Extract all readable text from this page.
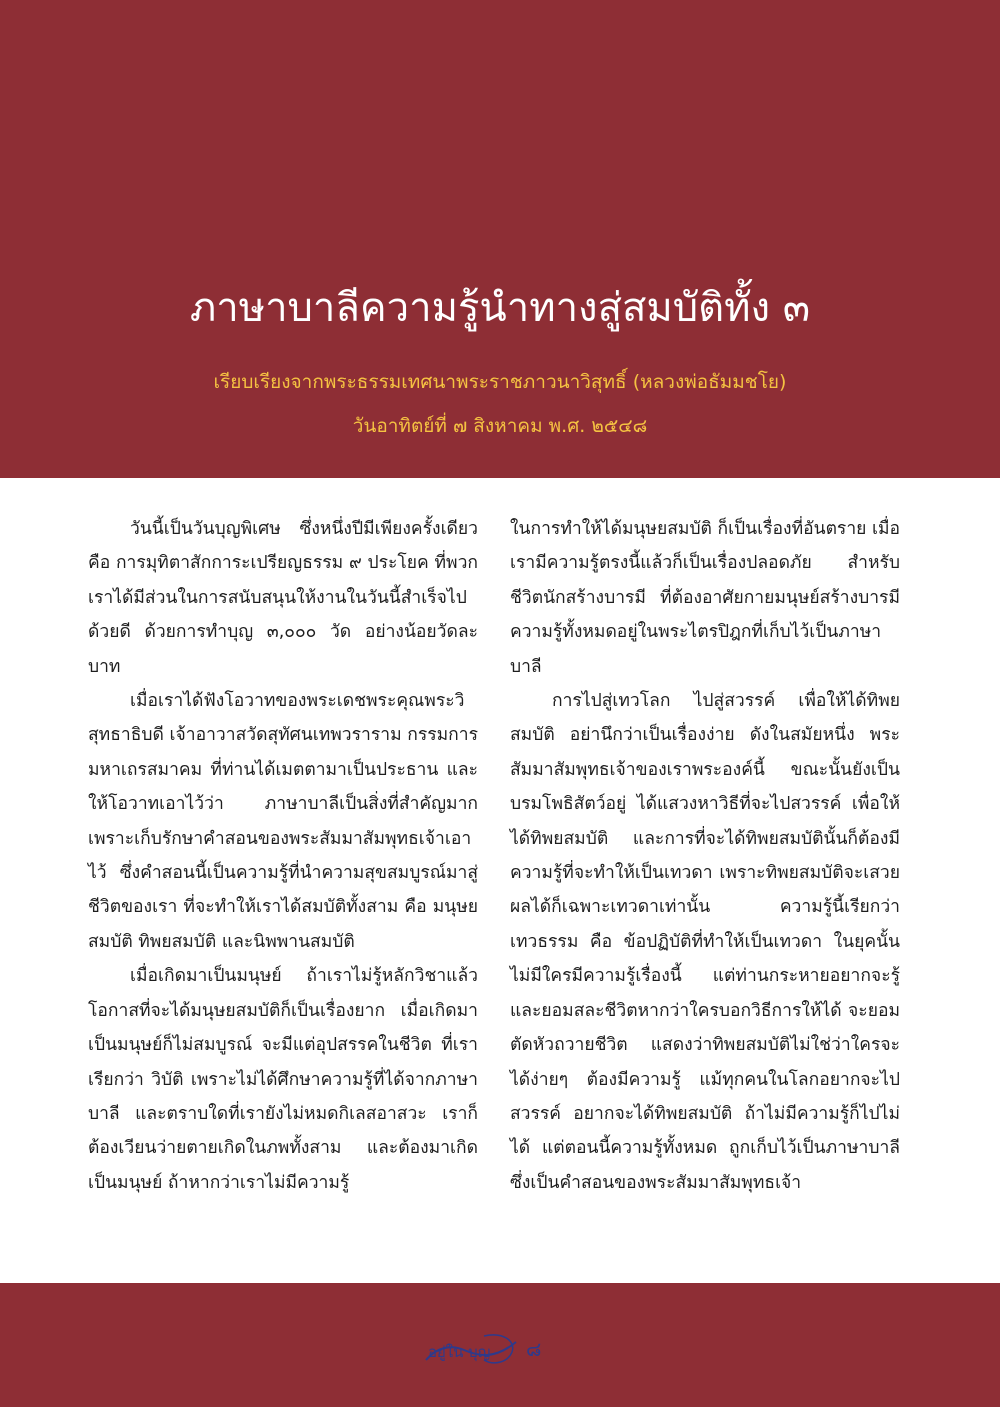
ภาษาบาลีความรู้นำทางสู่สมบัติทั้ง ๓
เรียบเรียงจากพระธรรมเทศนาพระราชภาวนาวิสุทธิ์ (หลวงพ่อธัมมชโย)
วันอาทิตย์ที่ ๗ สิงหาคม พ.ศ. ๒๕๔๘

วันนี้เป็นวันบุญพิเศษ ซึ่งหนึ่งปีมีเพียงครั้งเดียว คือ การมุทิตาสักการะเปรียญธรรม ๙ ประโยค ที่พวกเราได้มีส่วนในการสนับสนุนให้งานในวันนี้สำเร็จไปด้วยดี ด้วยการทำบุญ ๓,๐๐๐ วัด อย่างน้อยวัดละบาท

เมื่อเราได้ฟังโอวาทของพระเดชพระคุณพระวิสุทธาธิบดี เจ้าอาวาสวัดสุทัศนเทพวราราม กรรมการมหาเถรสมาคม ที่ท่านได้เมตตามาเป็นประธาน และให้โอวาทเอาไว้ว่า ภาษาบาลีเป็นสิ่งที่สำคัญมาก เพราะเก็บรักษาคำสอนของพระสัมมาสัมพุทธเจ้าเอาไว้ ซึ่งคำสอนนี้เป็นความรู้ที่นำความสุขสมบูรณ์มาสู่ชีวิตของเรา ที่จะทำให้เราได้สมบัติทั้งสาม คือ มนุษยสมบัติ ทิพยสมบัติ และนิพพานสมบัติ

เมื่อเกิดมาเป็นมนุษย์ ถ้าเราไม่รู้หลักวิชาแล้ว โอกาสที่จะได้มนุษยสมบัติก็เป็นเรื่องยาก เมื่อเกิดมาเป็นมนุษย์ก็ไม่สมบูรณ์ จะมีแต่อุปสรรคในชีวิต ที่เราเรียกว่า วิบัติ เพราะไม่ได้ศึกษาความรู้ที่ได้จากภาษาบาลี และตราบใดที่เรายังไม่หมดกิเลสอาสวะ เราก็ต้องเวียนว่ายตายเกิดในภพทั้งสาม และต้องมาเกิดเป็นมนุษย์ ถ้าหากว่าเราไม่มีความรู้

ในการทำให้ได้มนุษยสมบัติ ก็เป็นเรื่องที่อันตราย เมื่อเรามีความรู้ตรงนี้แล้วก็เป็นเรื่องปลอดภัย สำหรับชีวิตนักสร้างบารมี ที่ต้องอาศัยกายมนุษย์สร้างบารมี ความรู้ทั้งหมดอยู่ในพระไตรปิฎกที่เก็บไว้เป็นภาษาบาลี

การไปสู่เทวโลก ไปสู่สวรรค์ เพื่อให้ได้ทิพยสมบัติ อย่านึกว่าเป็นเรื่องง่าย ดังในสมัยหนึ่ง พระสัมมาสัมพุทธเจ้าของเราพระองค์นี้ ขณะนั้นยังเป็นบรมโพธิสัตว์อยู่ ได้แสวงหาวิธีที่จะไปสวรรค์ เพื่อให้ได้ทิพยสมบัติ และการที่จะได้ทิพยสมบัตินั้นก็ต้องมีความรู้ที่จะทำให้เป็นเทวดา เพราะทิพยสมบัติจะเสวยผลได้ก็เฉพาะเทวดาเท่านั้น ความรู้นี้เรียกว่า เทวธรรม คือ ข้อปฏิบัติที่ทำให้เป็นเทวดา ในยุคนั้นไม่มีใครมีความรู้เรื่องนี้ แต่ท่านกระหายอยากจะรู้ และยอมสละชีวิตหากว่าใครบอกวิธีการให้ได้ จะยอมตัดหัวถวายชีวิต แสดงว่าทิพยสมบัติไม่ใช่ว่าใครจะได้ง่ายๆ ต้องมีความรู้ แม้ทุกคนในโลกอยากจะไปสวรรค์ อยากจะได้ทิพยสมบัติ ถ้าไม่มีความรู้ก็ไปไม่ได้ แต่ตอนนี้ความรู้ทั้งหมด ถูกเก็บไว้เป็นภาษาบาลี ซึ่งเป็นคำสอนของพระสัมมาสัมพุทธเจ้า

อยู่ใน บุญ ๘
